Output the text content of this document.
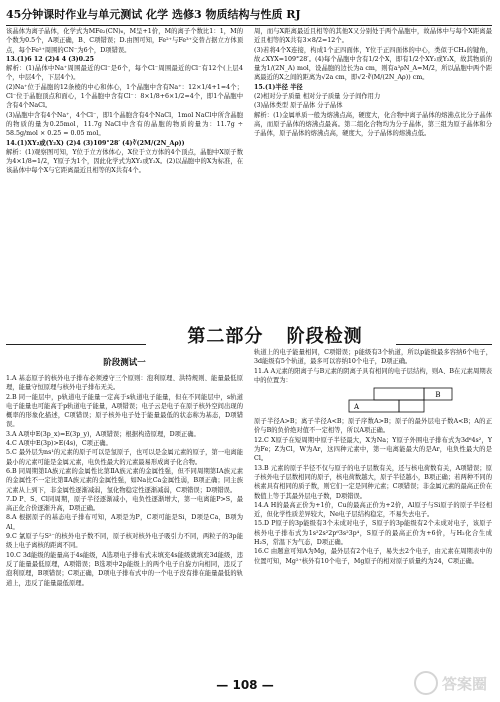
45分钟课时作业与单元测试 化学 选修3 物质结构与性质 RJ

该晶体为离子晶体，化学式为MFe₂(CN)₆，M呈+1价，M的离子个数比1：1，M的个数为0.5个，A项正确，B、C项错误；D.由图可知，Fe²⁺与Fe³⁺交替占据立方体顶点，每个Fe²⁺周围的CN⁻为6个，D项错误。

13.(1)6 12 (2)4 4 (3)0.25

解析：(1)晶体中Na⁺周围最近的Cl⁻是6个，每个Cl⁻周围最近的Cl⁻有12个(上层4个，中层4个，下层4个)。

(2)Na⁺位于晶胞的12条棱的中心和体心，1个晶胞中含有Na⁺：12×1/4+1=4个；Cl⁻位于晶胞顶点和面心，1个晶胞中含有Cl⁻：8×1/8+6×1/2=4个，即1个晶胞中含有4个NaCl。

(3)晶胞中含有4个Na⁺，4个Cl⁻，即1个晶胞含有4个NaCl，1mol NaCl中所含晶胞的物质的量为0.25mol，11.7g NaCl中含有的晶胞的物质的量为：11.7g ÷ 58.5g/mol × 0.25 = 0.05 mol。

14.(1)XY₂或(Y₂X) (2)4 (3)109°28′ (4)∛(2M/(2N_Aρ))

解析：(1)观察图可知，Y位于立方体体心，X位于立方体的4个顶点，晶胞中X原子数为4×1/8=1/2，Y原子为1个，因此化学式为XY₂或Y₂X。(2)以晶胞中的X为标准，在该晶体中每个X与它距离最近且相等的X共有4个。

周，而与X距离最近且相等的其他X又分别处于两个晶胞中，故晶体中与每个X距离最近且相等的X共有3×8/2=12个。

(3)若将4个X连接，构成1个正四面体，Y位于正四面体的中心，类似于CH₄的键角，故∠XYX=109°28′。(4)每个晶胞中含有1/2个X，即有1/2个XY₂或Y₂X，故其物质的量为1/(2N_A) mol，设晶胞的边长为a cm，则有a³ρN_A=M/2，所以晶胞中两个距离最近的X之间的距离为√2a cm，即√2·∛(M/(2N_Aρ)) cm。

15.(1)半径 半径

(2)相对分子质量 相对分子质量 分子间作用力

(3)晶体类型 原子晶体 分子晶体

解析：(1)金属单质一般为熔沸点高，硬度大，化合物中离子晶体的熔沸点比分子晶体高，而原子晶体的熔沸点最高。第二组化合物均为分子晶体，第三组为原子晶体和分子晶体，原子晶体的熔沸点高，硬度大，分子晶体的熔沸点低。

第二部分 阶段检测
阶段测试一

1.A 基态原子的核外电子排布必须遵守三个原则：泡利原理、洪特规则、能量最低原理，能量守恒原理与核外电子排布无关。

2.B 同一能层中，p轨道电子能量一定高于s轨道电子能量，但在不同能层中，s轨道电子能量也可能高于p轨道电子能量，A项错误；电子云是电子在原子核外空间出现的概率的形象化描述，C项错误；原子核外电子处于能量最低的状态称为基态，D项错误。

3.A A项中E(3p_x)=E(3p_y)，A项错误；根据构造原理，D项正确。

4.C A项中E(3p)>E(4s)，C项正确。

5.C 最外层为ns¹的元素的原子可以是氢原子，也可以是金属元素的原子，第一电离能最小的元素可能是金属元素，电负性最大的元素最易形成离子化合物。

6.B 同周期第ⅠA族元素的金属性比第ⅡA族元素的金属性强，但不同周期第ⅠA族元素的金属性不一定比第ⅡA族元素的金属性强，如Na比Ca金属性弱，B项正确；同主族元素从上到下，非金属性逐渐减弱，氢化物稳定性逐渐减弱，C项错误；D项错误。

7.D P、S、Cl同周期，原子半径逐渐减小，电负性逐渐增大，第一电离能P>S，最高正化合价逐渐升高，D项正确。

8.A 根据原子的基态电子排布可知，A项是为P，C项可能是Si，D项是Ca，B项为Al。

9.C 氯原子与S²⁻的核外电子数不同，原子核对核外电子吸引力不同，两粒子的3p能级上电子离核的距离不同。

10.C 3d能级的能量高于4s能级，A选项电子排布式未填充4s能级就填充3d能级，违反了能量最低原理，A项错误；B选项中2p能级上的两个电子自旋方向相同，违反了泡利原理，B项错误；C项正确，D项电子排布式中的一个电子没有排在能量最低的轨道上，违反了能量最低原理。

轨道上的电子能量相同，C项错误；p能级有3个轨道，所以p能级最多容纳6个电子，3d能级有5个轨道，最多可以容纳10个电子，D项正确。

11.A A元素的阳离子与B元素的阴离子具有相同的电子层结构，则A、B在元素周期表中的位置为：

B
A

原子半径A>B；离子半径A<B；原子序数A>B；原子的最外层电子数A<B；A的正价与B的负价绝对值不一定相等，所以A项正确。

12.C X原子在短周期中原子半径最大，X为Na；Y原子外围电子排布式为3d⁶4s²，Y为Fe；Z为Cl，W为Ar，这四种元素中，第一电离能最大的是Ar，电负性最大的是Cl。

13.B 元素的原子半径不仅与原子的电子层数有关，还与核电荷数有关，A项错误；原子核外电子层数相同的原子，核电荷数越大，原子半径越小，B项正确；若两种不同的核素具有相同的质子数，则它们一定是同种元素；C项错误；非金属元素的最高正价在数值上等于其最外层电子数，D项错误。

14.A H的最高正价为+1价，Cu的最高正价为+2价，Al原子与Si原子的原子半径相近，但化学性质差异较大，Ne电子层结构稳定，不易失去电子。

15.D P原子的3p能级有3个未成对电子，S原子的3p能级有2个未成对电子，该原子核外电子排布式为1s²2s²2p⁶3s²3p⁴，S原子的最高正价为+6价，与H₂化合生成H₂S，常温下为气态，D项正确。

16.C 由题意可知A为Mg，最外层有2个电子，易失去2个电子，由元素在周期表中的位置可知，Mg²⁺核外有10个电子，Mg原子的相对原子质量约为24，C项正确。

— 108 —	答案圈
